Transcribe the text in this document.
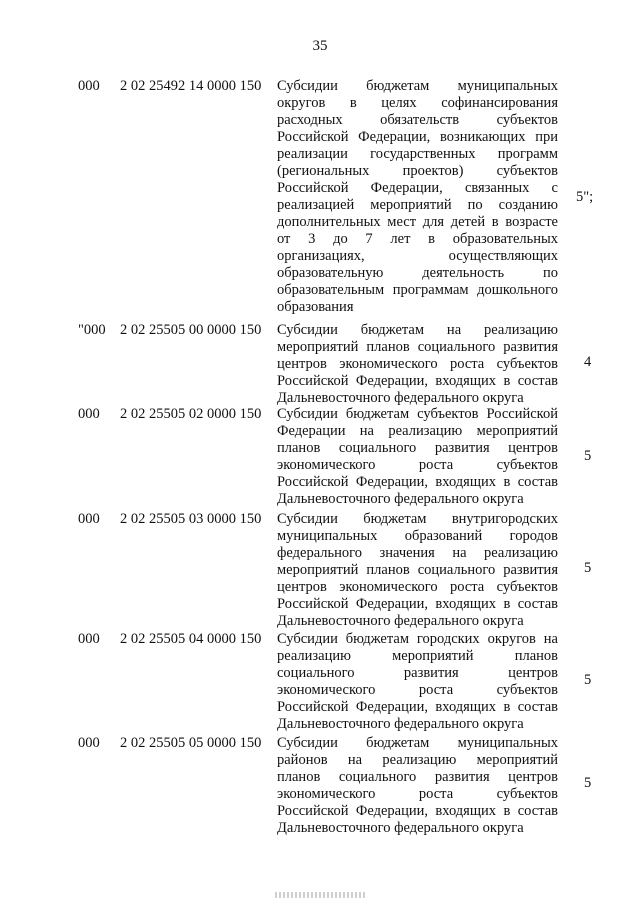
35
000 2 02 25492 14 0000 150 Субсидии бюджетам муниципальных
округов в целях софинансирования
расходных обязательств субъектов
Российской Федерации, возникающих при
реализации государственных программ
(региональных проектов) субъектов
Российской Федерации, связанных с
реализацией мероприятий по созданию
дополнительных мест для детей в возрасте
от 3 до 7 лет в образовательных
организациях, осуществляющих
образовательную деятельность по
образовательным программам дошкольного
образования
5";
"000 2 02 25505 00 0000 150 Субсидии бюджетам на реализацию
мероприятий планов социального развития
центров экономического роста субъектов
Российской Федерации, входящих в состав
Дальневосточного федерального округа
4
000 2 02 25505 02 0000 150 Субсидии бюджетам субъектов Российской
Федерации на реализацию мероприятий
планов социального развития центров
экономического роста субъектов
Российской Федерации, входящих в состав
Дальневосточного федерального округа
5
000 2 02 25505 03 0000 150 Субсидии бюджетам внутригородских
муниципальных образований городов
федерального значения на реализацию
мероприятий планов социального развития
центров экономического роста субъектов
Российской Федерации, входящих в состав
Дальневосточного федерального округа
5
000 2 02 25505 04 0000 150 Субсидии бюджетам городских округов на
реализацию мероприятий планов
социального развития центров
экономического роста субъектов
Российской Федерации, входящих в состав
Дальневосточного федерального округа
5
000 2 02 25505 05 0000 150 Субсидии бюджетам муниципальных
районов на реализацию мероприятий
планов социального развития центров
экономического роста субъектов
Российской Федерации, входящих в состав
Дальневосточного федерального округа
5
